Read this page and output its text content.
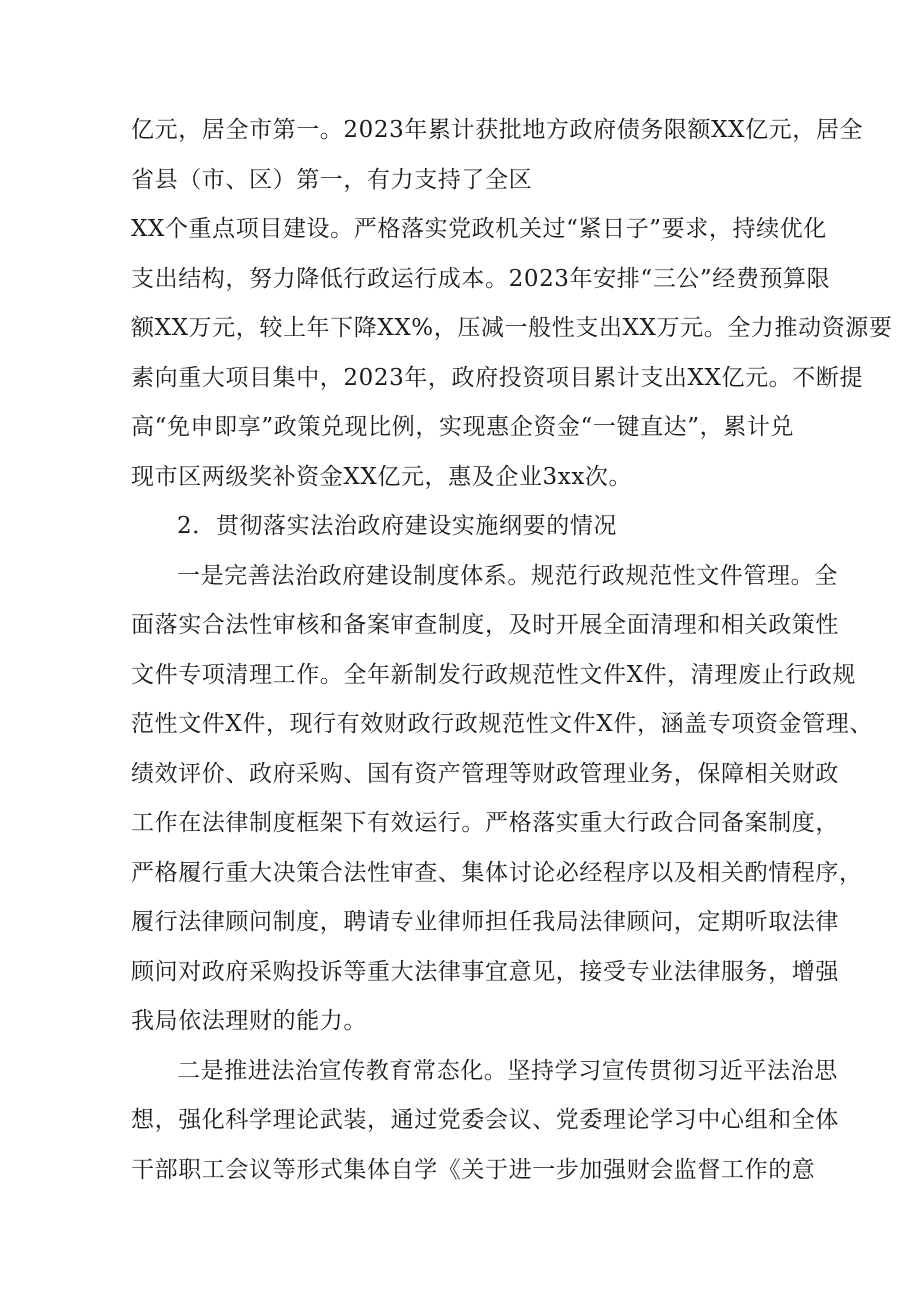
亿元，居全市第一。2023年累计获批地方政府债务限额XX亿元，居全
省县（市、区）第一，有力支持了全区
XX个重点项目建设。严格落实党政机关过“紧日子”要求，持续优化
支出结构，努力降低行政运行成本。2023年安排“三公”经费预算限
额XX万元，较上年下降XX%，压减一般性支出XX万元。全力推动资源要
素向重大项目集中，2023年，政府投资项目累计支出XX亿元。不断提
高“免申即享”政策兑现比例，实现惠企资金“一键直达”，累计兑
现市区两级奖补资金XX亿元，惠及企业3xx次。
2．贯彻落实法治政府建设实施纲要的情况
一是完善法治政府建设制度体系。规范行政规范性文件管理。全
面落实合法性审核和备案审查制度，及时开展全面清理和相关政策性
文件专项清理工作。全年新制发行政规范性文件X件，清理废止行政规
范性文件X件，现行有效财政行政规范性文件X件，涵盖专项资金管理、
绩效评价、政府采购、国有资产管理等财政管理业务，保障相关财政
工作在法律制度框架下有效运行。严格落实重大行政合同备案制度，
严格履行重大决策合法性审查、集体讨论必经程序以及相关酌情程序，
履行法律顾问制度，聘请专业律师担任我局法律顾问，定期听取法律
顾问对政府采购投诉等重大法律事宜意见，接受专业法律服务，增强
我局依法理财的能力。
二是推进法治宣传教育常态化。坚持学习宣传贯彻习近平法治思
想，强化科学理论武装，通过党委会议、党委理论学习中心组和全体
干部职工会议等形式集体自学《关于进一步加强财会监督工作的意
